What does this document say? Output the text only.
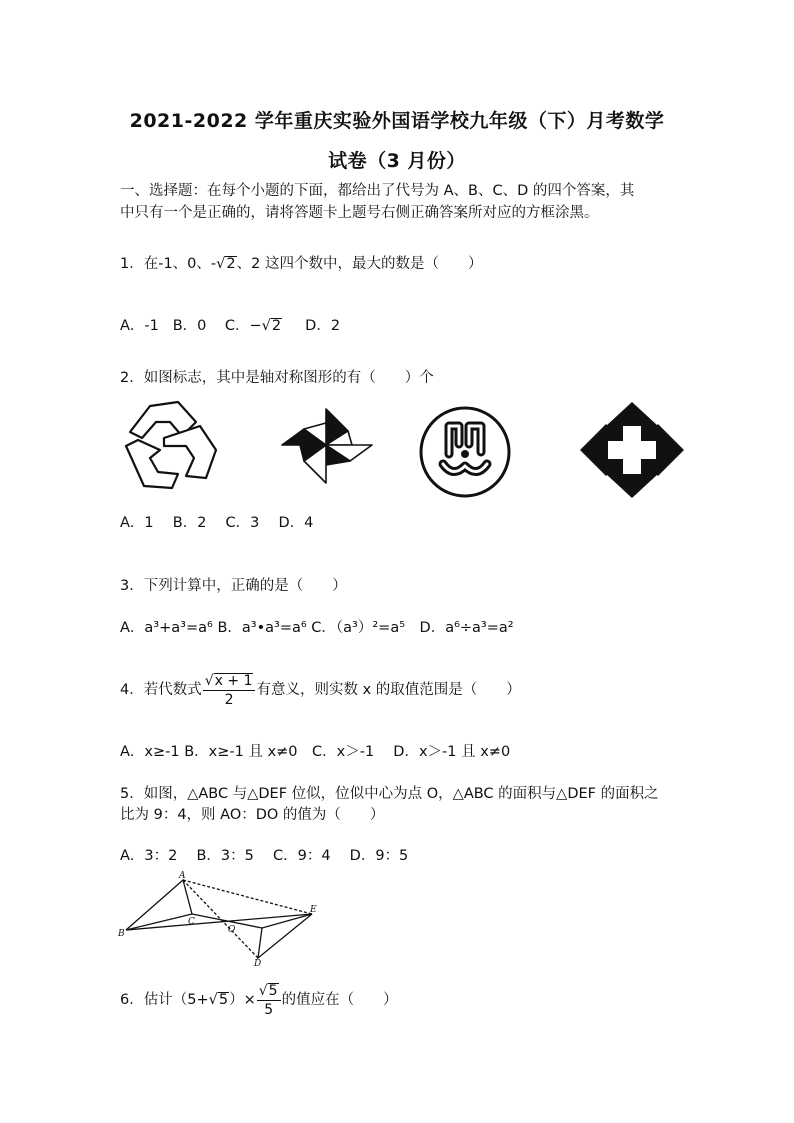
2021-2022 学年重庆实验外国语学校九年级（下）月考数学
试卷（3 月份）
一、选择题：在每个小题的下面，都给出了代号为 A、B、C、D 的四个答案，其
中只有一个是正确的，请将答题卡上题号右侧正确答案所对应的方框涂黑。
1．在-1、0、-√2、2 这四个数中，最大的数是（　　）
A．-1 B．0 C．−√2 D．2
2．如图标志，其中是轴对称图形的有（　　）个
A．1　 B．2　 C．3　 D．4
3．下列计算中，正确的是（　　）
A．a³+a³=a⁶ B．a³•a³=a⁶ C．（a³）²=a⁵　 D．a⁶÷a³=a²
4．若代数式 $\frac{√x + 1}{2}$ 有意义，则实数 x 的取值范围是（　　）
A．x≥-1 B．x≥-1 且 x≠0　C．x＞-1　 D．x＞-1 且 x≠0
5．如图，△ABC 与△DEF 位似，位似中心为点 O，△ABC 的面积与△DEF 的面积之
比为 9：4，则 AO：DO 的值为（　　）
A．3：2　 B．3：5　 C．9：4　 D．9：5
A
B
C
O
D
E
6．估计$(5+√5)\times \frac{√5}{5}$ 的值应在（　　）
